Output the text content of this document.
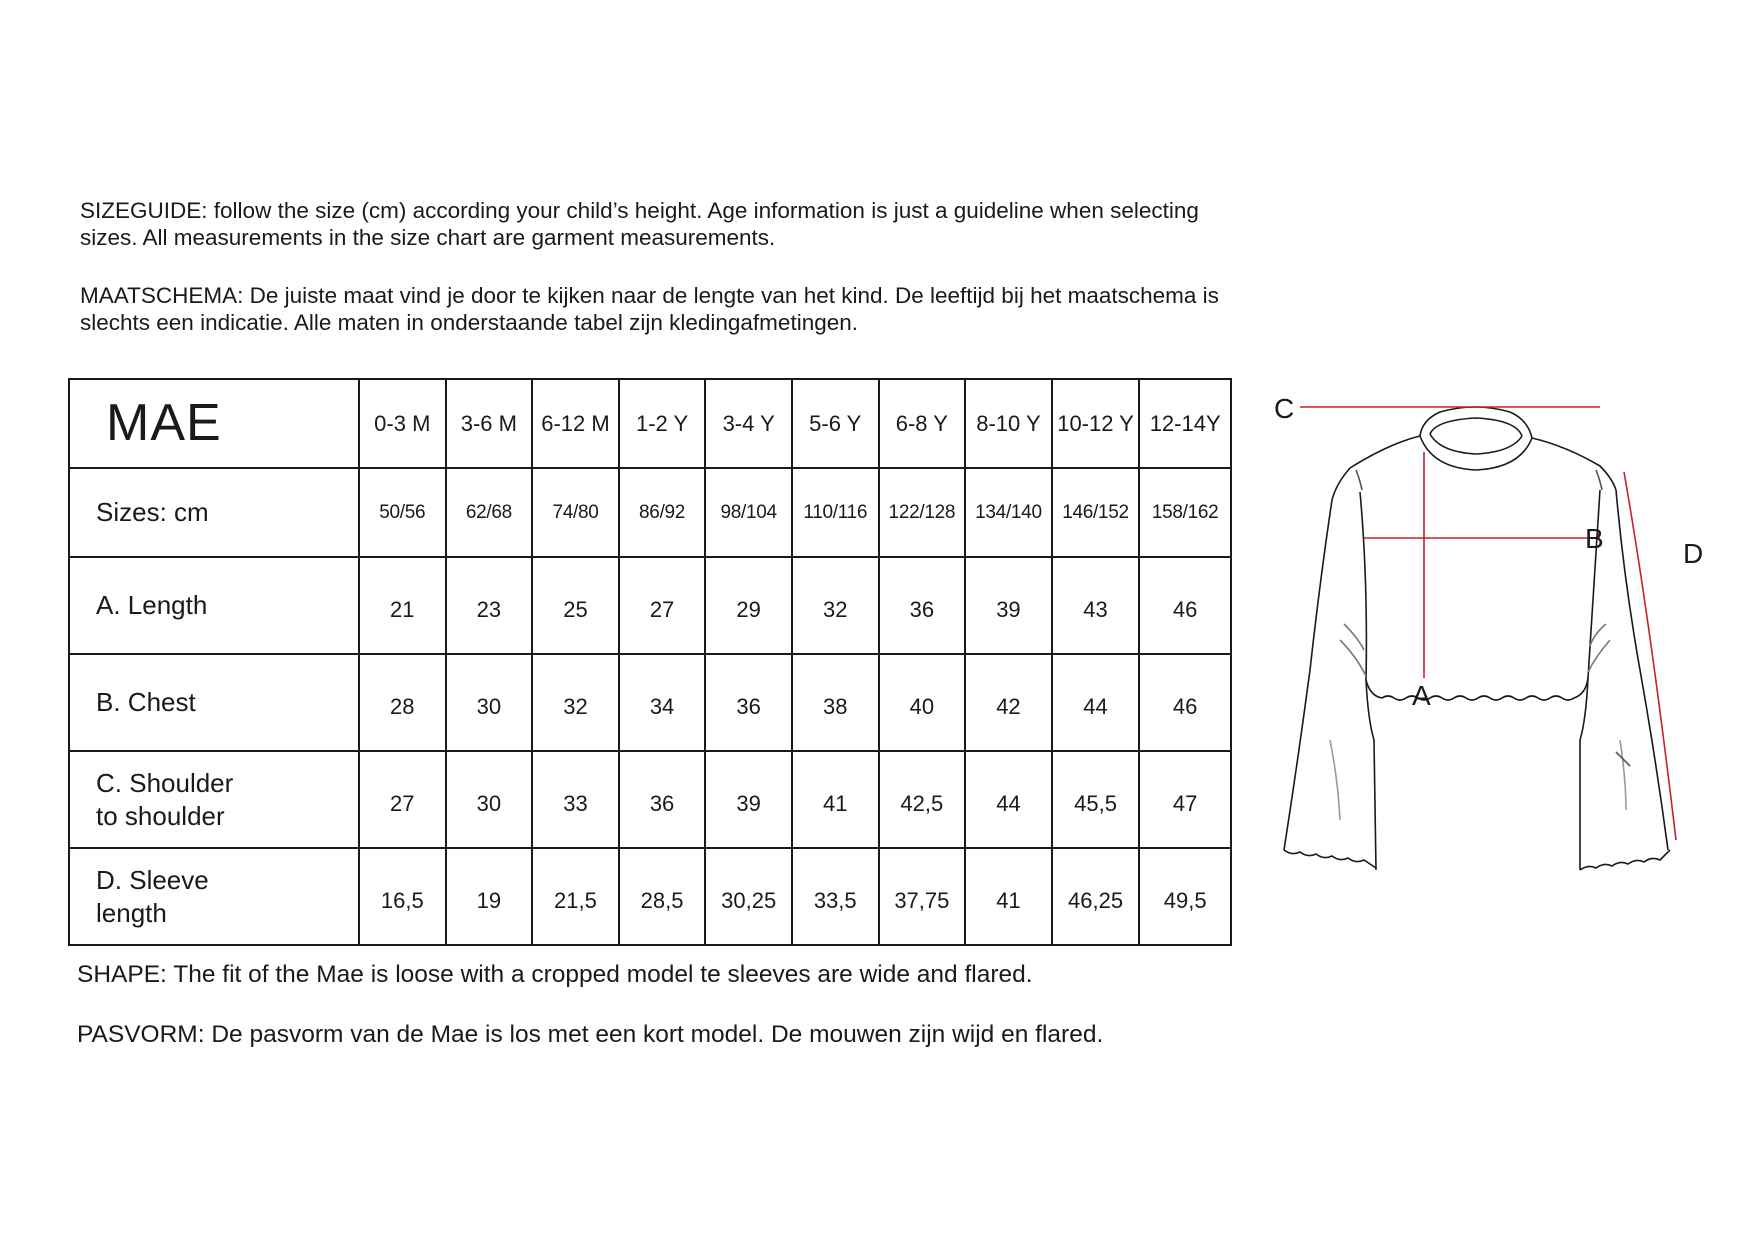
SIZEGUIDE: follow the size (cm) according your child’s height. Age information is just a guideline when selecting sizes. All measurements in the size chart are garment measurements.

MAATSCHEMA: De juiste maat vind je door te kijken naar de lengte van het kind. De leeftijd bij het maatschema is slechts een indicatie. Alle maten in onderstaande tabel zijn kledingafmetingen.

MAE	0-3 M	3-6 M	6-12 M	1-2 Y	3-4 Y	5-6 Y	6-8 Y	8-10 Y	10-12 Y	12-14Y
Sizes: cm	50/56	62/68	74/80	86/92	98/104	110/116	122/128	134/140	146/152	158/162
A. Length	21	23	25	27	29	32	36	39	43	46
B. Chest	28	30	32	34	36	38	40	42	44	46
C. Shoulder
to shoulder	27	30	33	36	39	41	42,5	44	45,5	47
D. Sleeve
length	16,5	19	21,5	28,5	30,25	33,5	37,75	41	46,25	49,5
C
A
B	D

SHAPE: The fit of the Mae is loose with a cropped model te sleeves are wide and flared.

PASVORM: De pasvorm van de Mae is los met een kort model. De mouwen zijn wijd en flared.
